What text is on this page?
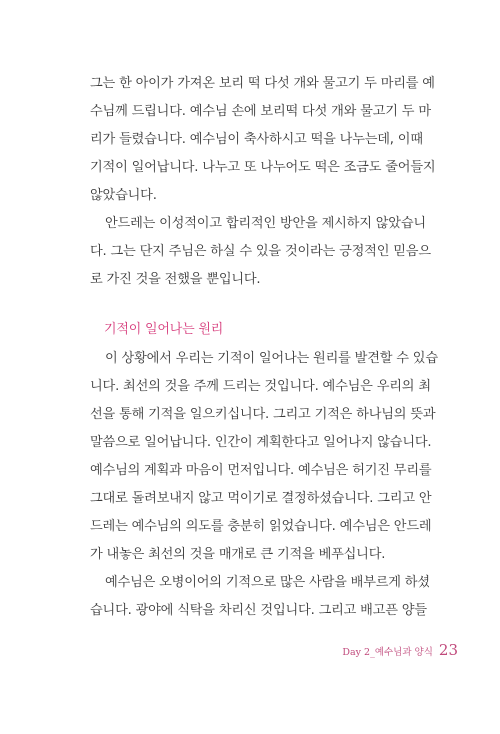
그는 한 아이가 가져온 보리 떡 다섯 개와 물고기 두 마리를 예
수님께 드립니다. 예수님 손에 보리떡 다섯 개와 물고기 두 마
리가 들렸습니다. 예수님이 축사하시고 떡을 나누는데, 이때
기적이 일어납니다. 나누고 또 나누어도 떡은 조금도 줄어들지
않았습니다.
안드레는 이성적이고 합리적인 방안을 제시하지 않았습니
다. 그는 단지 주님은 하실 수 있을 것이라는 긍정적인 믿음으
로 가진 것을 전했을 뿐입니다.
기적이 일어나는 원리
이 상황에서 우리는 기적이 일어나는 원리를 발견할 수 있습
니다. 최선의 것을 주께 드리는 것입니다. 예수님은 우리의 최
선을 통해 기적을 일으키십니다. 그리고 기적은 하나님의 뜻과
말씀으로 일어납니다. 인간이 계획한다고 일어나지 않습니다.
예수님의 계획과 마음이 먼저입니다. 예수님은 허기진 무리를
그대로 돌려보내지 않고 먹이기로 결정하셨습니다. 그리고 안
드레는 예수님의 의도를 충분히 읽었습니다. 예수님은 안드레
가 내놓은 최선의 것을 매개로 큰 기적을 베푸십니다.
예수님은 오병이어의 기적으로 많은 사람을 배부르게 하셨
습니다. 광야에 식탁을 차리신 것입니다. 그리고 배고픈 양들
Day 2_예수님과 양식 23
